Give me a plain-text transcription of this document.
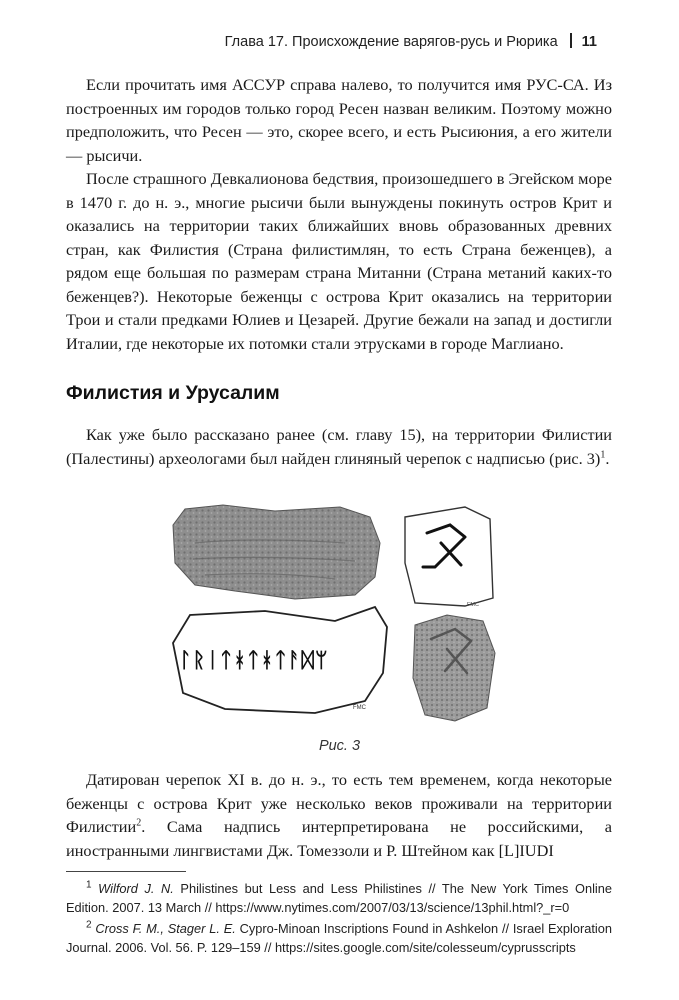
Глава 17. Происхождение варягов-русь и Рюрика 11

Если прочитать имя АССУР справа налево, то получится имя РУС-СА. Из построенных им городов только город Ресен назван великим. Поэтому можно предположить, что Ресен — это, скорее всего, и есть Рысиюния, а его жители — рысичи.

После страшного Девкалионова бедствия, произошедшего в Эгейском море в 1470 г. до н. э., многие рысичи были вынуждены покинуть остров Крит и оказались на территории таких ближайших вновь образованных древних стран, как Филистия (Страна филистимлян, то есть Страна беженцев), а рядом еще большая по размерам страна Митанни (Страна метаний каких-то беженцев?). Некоторые беженцы с острова Крит оказались на территории Трои и стали предками Юлиев и Цезарей. Другие бежали на запад и достигли Италии, где некоторые их потомки стали этрусками в городе Маглиано.

Филистия и Урусалим

Как уже было рассказано ранее (см. главу 15), на территории Филистии (Палестины) археологами был найден глиняный черепок с надписью (рис. 3)$^1$.

ᛚᚱᛁᛏᚼᛏᚼᛏᚨᛞᛘ
FMC
FMC
Рис. 3

Датирован черепок XI в. до н. э., то есть тем временем, когда некоторые беженцы с острова Крит уже несколько веков проживали на территории Филистии$^2$. Сама надпись интерпретирована не российскими, а иностранными лингвистами Дж. Томеззоли и Р. Штейном как [L]IUDI

$^1$ Wilford J. N. Philistines but Less and Less Philistines // The New York Times Online Edition. 2007. 13 March // https://www.nytimes.com/2007/03/13/science/13phil.html?_r=0

$^2$ Cross F. M., Stager L. E. Cypro-Minoan Inscriptions Found in Ashkelon // Israel Exploration Journal. 2006. Vol. 56. P. 129–159 // https://sites.google.com/site/colesseum/cyprusscripts
